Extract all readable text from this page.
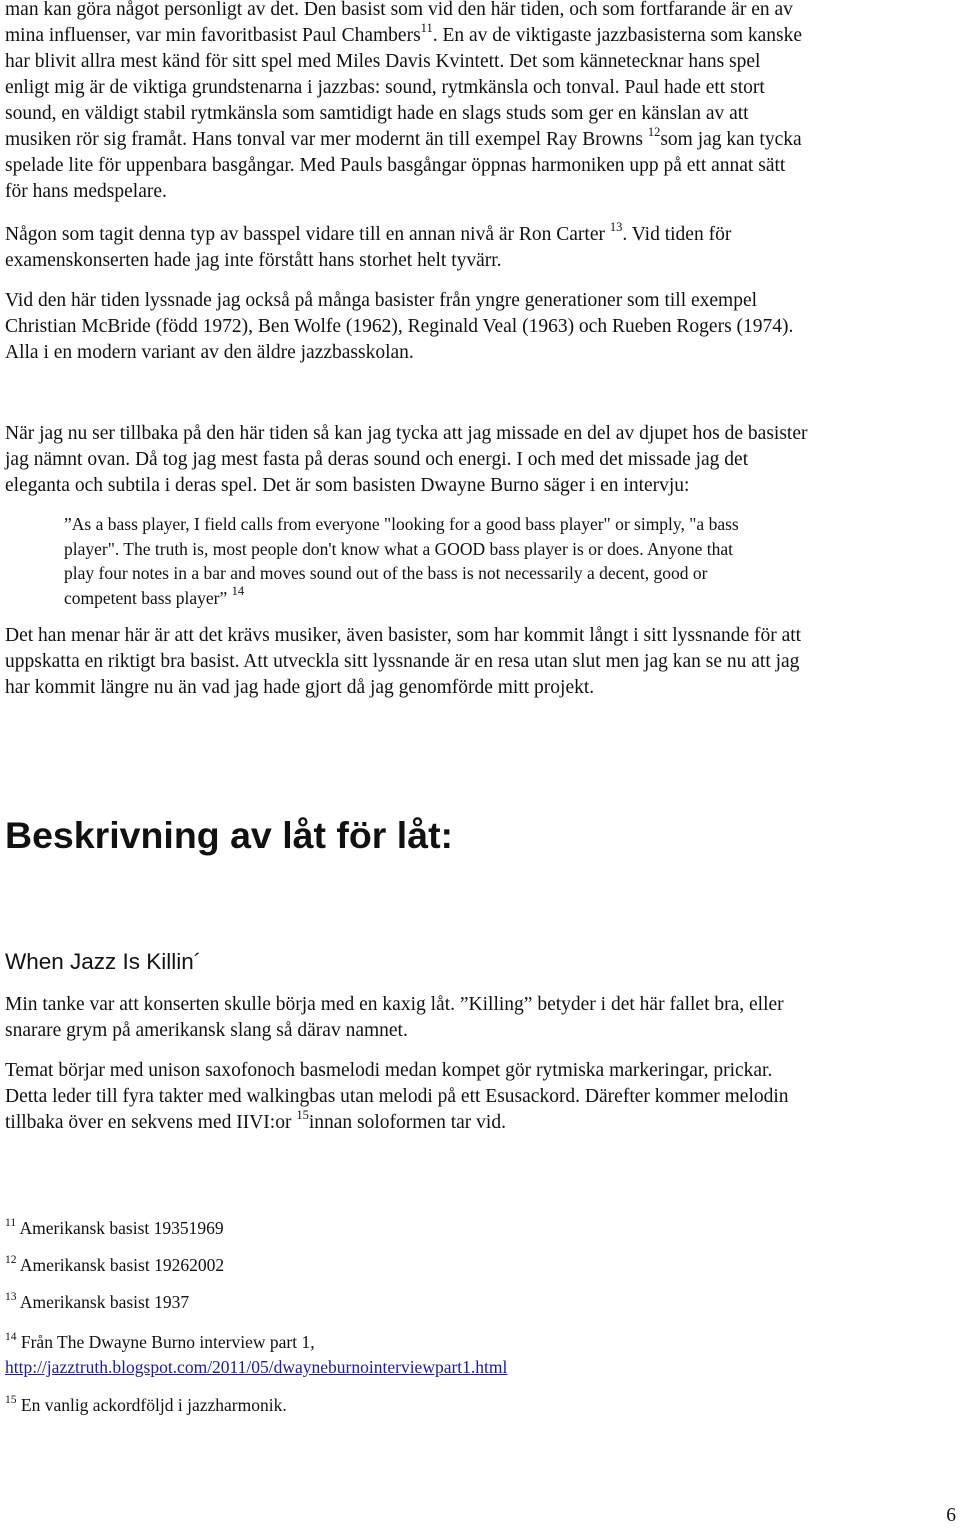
man kan göra något personligt av det. Den basist som vid den här tiden, och som fortfarande är en av
mina influenser, var min favoritbasist Paul Chambers$^{11}$. En av de viktigaste jazzbasisterna som kanske
har blivit allra mest känd för sitt spel med Miles Davis Kvintett. Det som kännetecknar hans spel
enligt mig är de viktiga grundstenarna i jazzbas: sound, rytmkänsla och tonval. Paul hade ett stort
sound, en väldigt stabil rytmkänsla som samtidigt hade en slags studs som ger en känslan av att
musiken rör sig framåt. Hans tonval var mer modernt än till exempel Ray Browns $^{12}$som jag kan tycka
spelade lite för uppenbara basgångar. Med Pauls basgångar öppnas harmoniken upp på ett annat sätt
för hans medspelare.
Någon som tagit denna typ av basspel vidare till en annan nivå är Ron Carter $^{13}$. Vid tiden för
examenskonserten hade jag inte förstått hans storhet helt tyvärr.
Vid den här tiden lyssnade jag också på många basister från yngre generationer som till exempel
Christian McBride (född 1972), Ben Wolfe (1962), Reginald Veal (1963) och Rueben Rogers (1974).
Alla i en modern variant av den äldre jazzbasskolan.
När jag nu ser tillbaka på den här tiden så kan jag tycka att jag missade en del av djupet hos de basister
jag nämnt ovan. Då tog jag mest fasta på deras sound och energi. I och med det missade jag det
eleganta och subtila i deras spel. Det är som basisten Dwayne Burno säger i en intervju:
”As a bass player, I field calls from everyone "looking for a good bass player" or simply, "a bass
player". The truth is, most people don't know what a GOOD bass player is or does. Anyone that
play four notes in a bar and moves sound out of the bass is not necessarily a decent, good or
competent bass player” $^{14}$
Det han menar här är att det krävs musiker, även basister, som har kommit långt i sitt lyssnande för att
uppskatta en riktigt bra basist. Att utveckla sitt lyssnande är en resa utan slut men jag kan se nu att jag
har kommit längre nu än vad jag hade gjort då jag genomförde mitt projekt.
Beskrivning av låt för låt:
When Jazz Is Killin´
Min tanke var att konserten skulle börja med en kaxig låt. ”Killing” betyder i det här fallet bra, eller
snarare grym på amerikansk slang så därav namnet.
Temat börjar med unison saxofonoch basmelodi medan kompet gör rytmiska markeringar, prickar.
Detta leder till fyra takter med walkingbas utan melodi på ett Esusackord. Därefter kommer melodin
tillbaka över en sekvens med IIVI:or $^{15}$innan soloformen tar vid.
$^{11}$ Amerikansk basist 19351969
$^{12}$ Amerikansk basist 19262002
$^{13}$ Amerikansk basist 1937
$^{14}$ Från The Dwayne Burno interview part 1,
http://jazztruth.blogspot.com/2011/05/dwayneburnointerviewpart1.html
$^{15}$ En vanlig ackordföljd i jazzharmonik.
6
